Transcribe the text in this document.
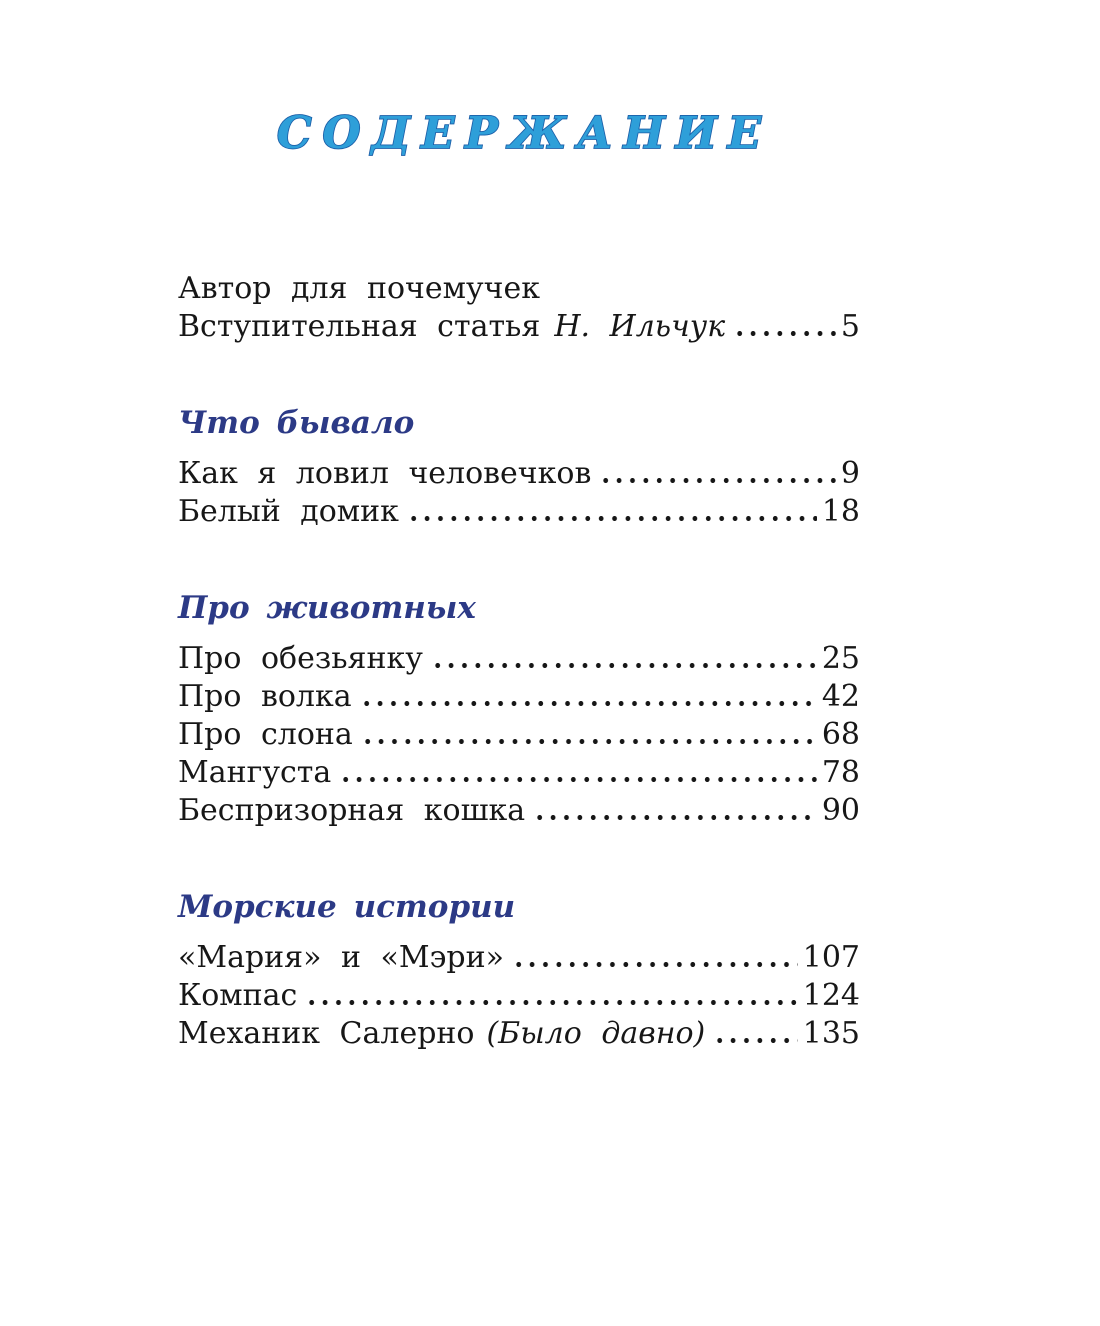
СОДЕРЖАНИЕ
Автор для почемучек
Вступительная статья Н. Ильчук	5
Что бывало
Как я ловил человечков	9
Белый домик	18
Про животных
Про обезьянку	25
Про волка	42
Про слона	68
Мангуста	78
Беспризорная кошка	90
Морские истории
«Мария» и «Мэри»	107
Компас	124
Механик Салерно (Было давно)	135
